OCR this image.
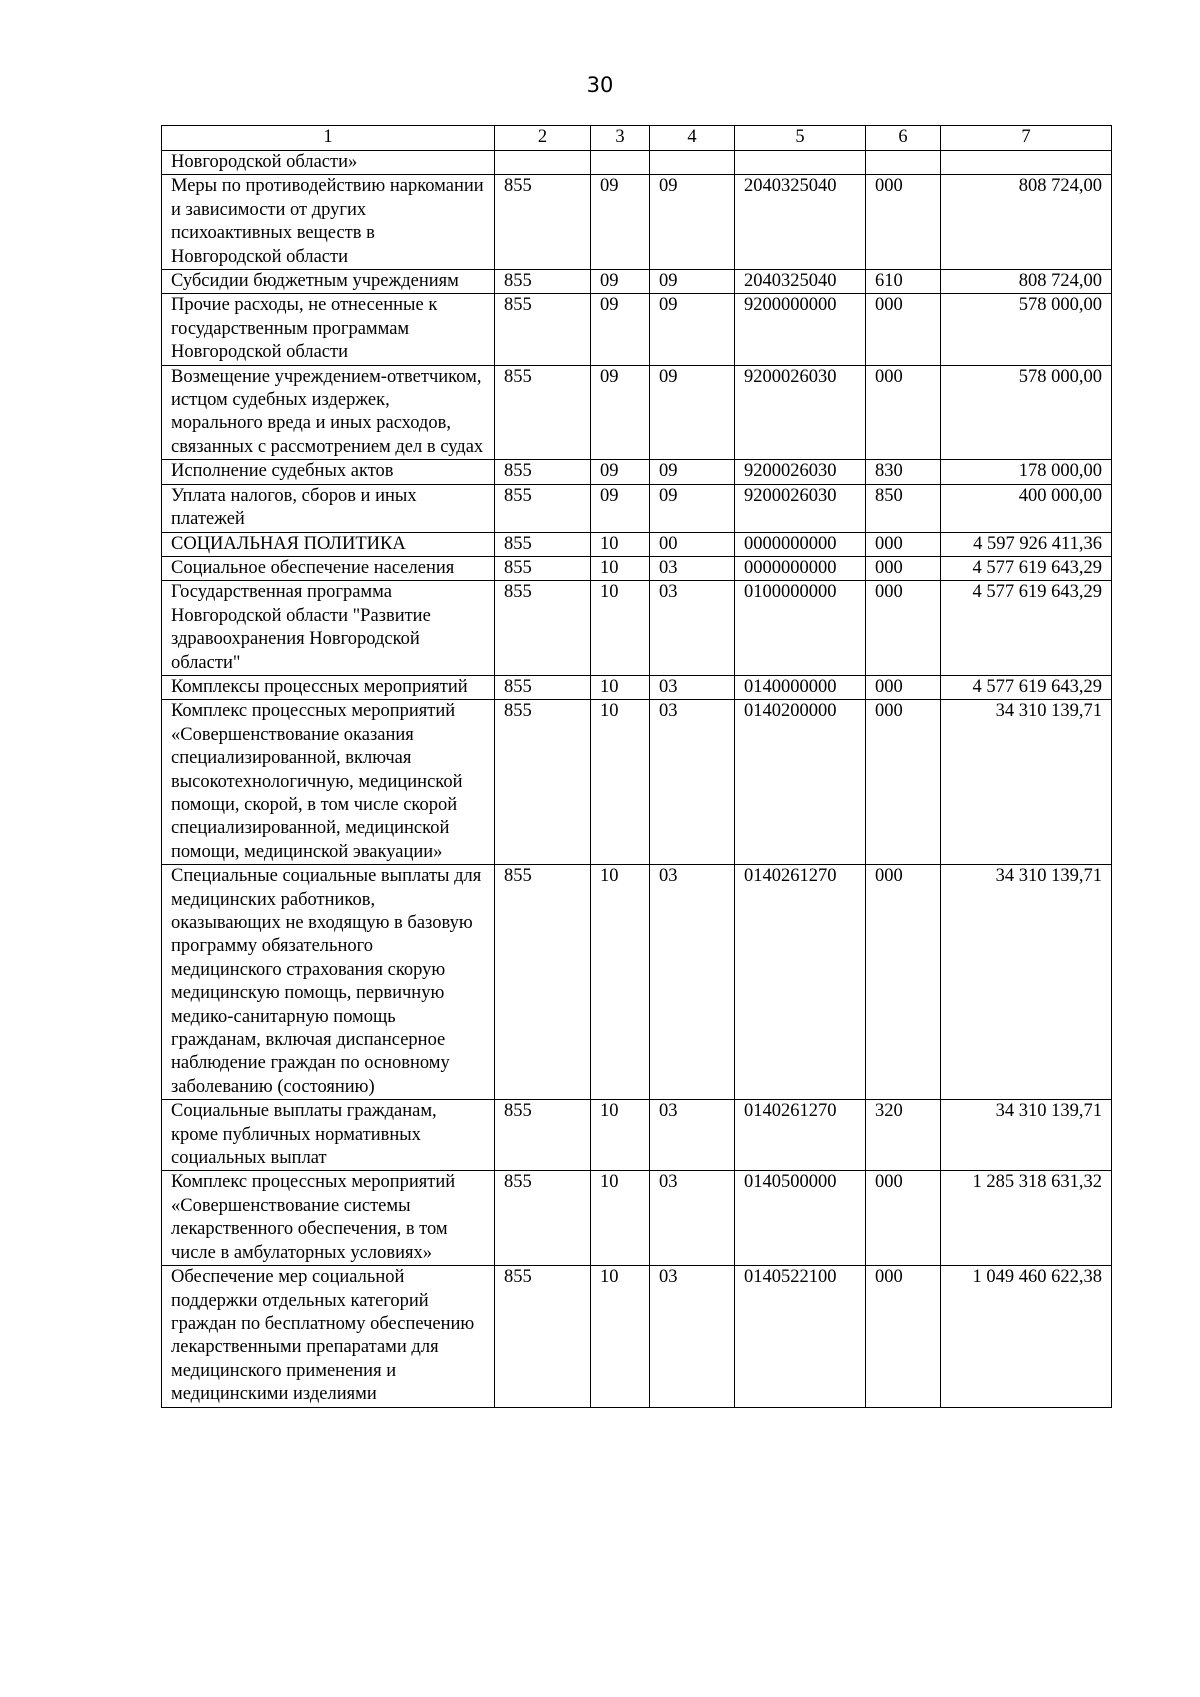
30
1	2	3	4	5	6	7
Новгородской области»						
Меры по противодействию наркомании и зависимости от других психоактивных веществ в Новгородской области	855	09	09	2040325040	000	808 724,00
Субсидии бюджетным учреждениям	855	09	09	2040325040	610	808 724,00
Прочие расходы, не отнесенные к государственным программам Новгородской области	855	09	09	9200000000	000	578 000,00
Возмещение учреждением-ответчиком, истцом судебных издержек, морального вреда и иных расходов, связанных с рассмотрением дел в судах	855	09	09	9200026030	000	578 000,00
Исполнение судебных актов	855	09	09	9200026030	830	178 000,00
Уплата налогов, сборов и иных платежей	855	09	09	9200026030	850	400 000,00
СОЦИАЛЬНАЯ ПОЛИТИКА	855	10	00	0000000000	000	4 597 926 411,36
Социальное обеспечение населения	855	10	03	0000000000	000	4 577 619 643,29
Государственная программа Новгородской области "Развитие здравоохранения Новгородской области"	855	10	03	0100000000	000	4 577 619 643,29
Комплексы процессных мероприятий	855	10	03	0140000000	000	4 577 619 643,29
Комплекс процессных мероприятий «Совершенствование оказания специализированной, включая высокотехнологичную, медицинской помощи, скорой, в том числе скорой специализированной, медицинской помощи, медицинской эвакуации»	855	10	03	0140200000	000	34 310 139,71
Специальные социальные выплаты для медицинских работников, оказывающих не входящую в базовую программу обязательного медицинского страхования скорую медицинскую помощь, первичную медико-санитарную помощь гражданам, включая диспансерное наблюдение граждан по основному заболеванию (состоянию)	855	10	03	0140261270	000	34 310 139,71
Социальные выплаты гражданам, кроме публичных нормативных социальных выплат	855	10	03	0140261270	320	34 310 139,71
Комплекс процессных мероприятий «Совершенствование системы лекарственного обеспечения, в том числе в амбулаторных условиях»	855	10	03	0140500000	000	1 285 318 631,32
Обеспечение мер социальной поддержки отдельных категорий граждан по бесплатному обеспечению лекарственными препаратами для медицинского применения и медицинскими изделиями	855	10	03	0140522100	000	1 049 460 622,38
